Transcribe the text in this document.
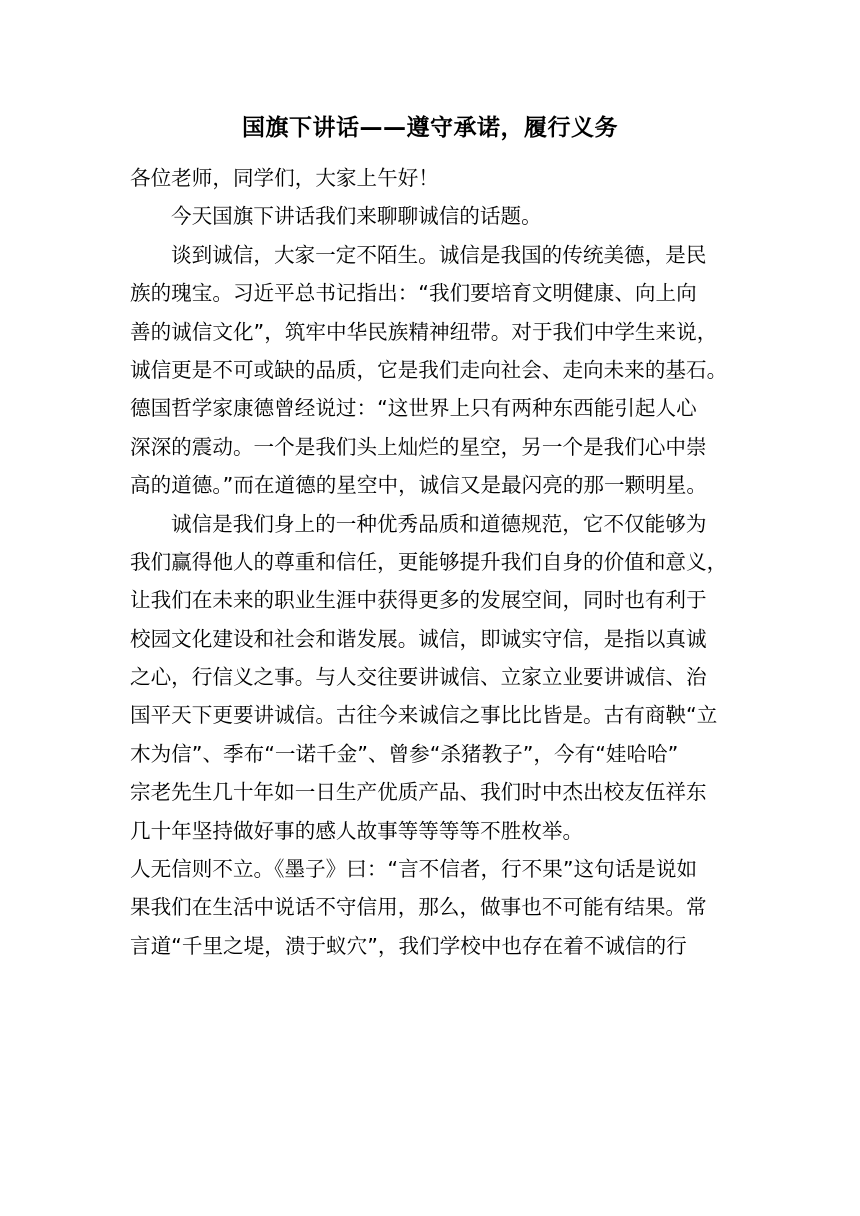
国旗下讲话——遵守承诺，履行义务
各位老师，同学们，大家上午好！
今天国旗下讲话我们来聊聊诚信的话题。
谈到诚信，大家一定不陌生。诚信是我国的传统美德，是民
族的瑰宝。习近平总书记指出：“我们要培育文明健康、向上向
善的诚信文化”，筑牢中华民族精神纽带。对于我们中学生来说，
诚信更是不可或缺的品质，它是我们走向社会、走向未来的基石。
德国哲学家康德曾经说过：“这世界上只有两种东西能引起人心
深深的震动。一个是我们头上灿烂的星空，另一个是我们心中崇
高的道德。”而在道德的星空中，诚信又是最闪亮的那一颗明星。
诚信是我们身上的一种优秀品质和道德规范，它不仅能够为
我们赢得他人的尊重和信任，更能够提升我们自身的价值和意义，
让我们在未来的职业生涯中获得更多的发展空间，同时也有利于
校园文化建设和社会和谐发展。诚信，即诚实守信，是指以真诚
之心，行信义之事。与人交往要讲诚信、立家立业要讲诚信、治
国平天下更要讲诚信。古往今来诚信之事比比皆是。古有商鞅“立
木为信”、季布“一诺千金”、曾参“杀猪教子”，今有“娃哈哈”
宗老先生几十年如一日生产优质产品、我们时中杰出校友伍祥东
几十年坚持做好事的感人故事等等等等不胜枚举。
人无信则不立。《墨子》曰：“言不信者，行不果”这句话是说如
果我们在生活中说话不守信用，那么，做事也不可能有结果。常
言道“千里之堤，溃于蚁穴”，我们学校中也存在着不诚信的行
